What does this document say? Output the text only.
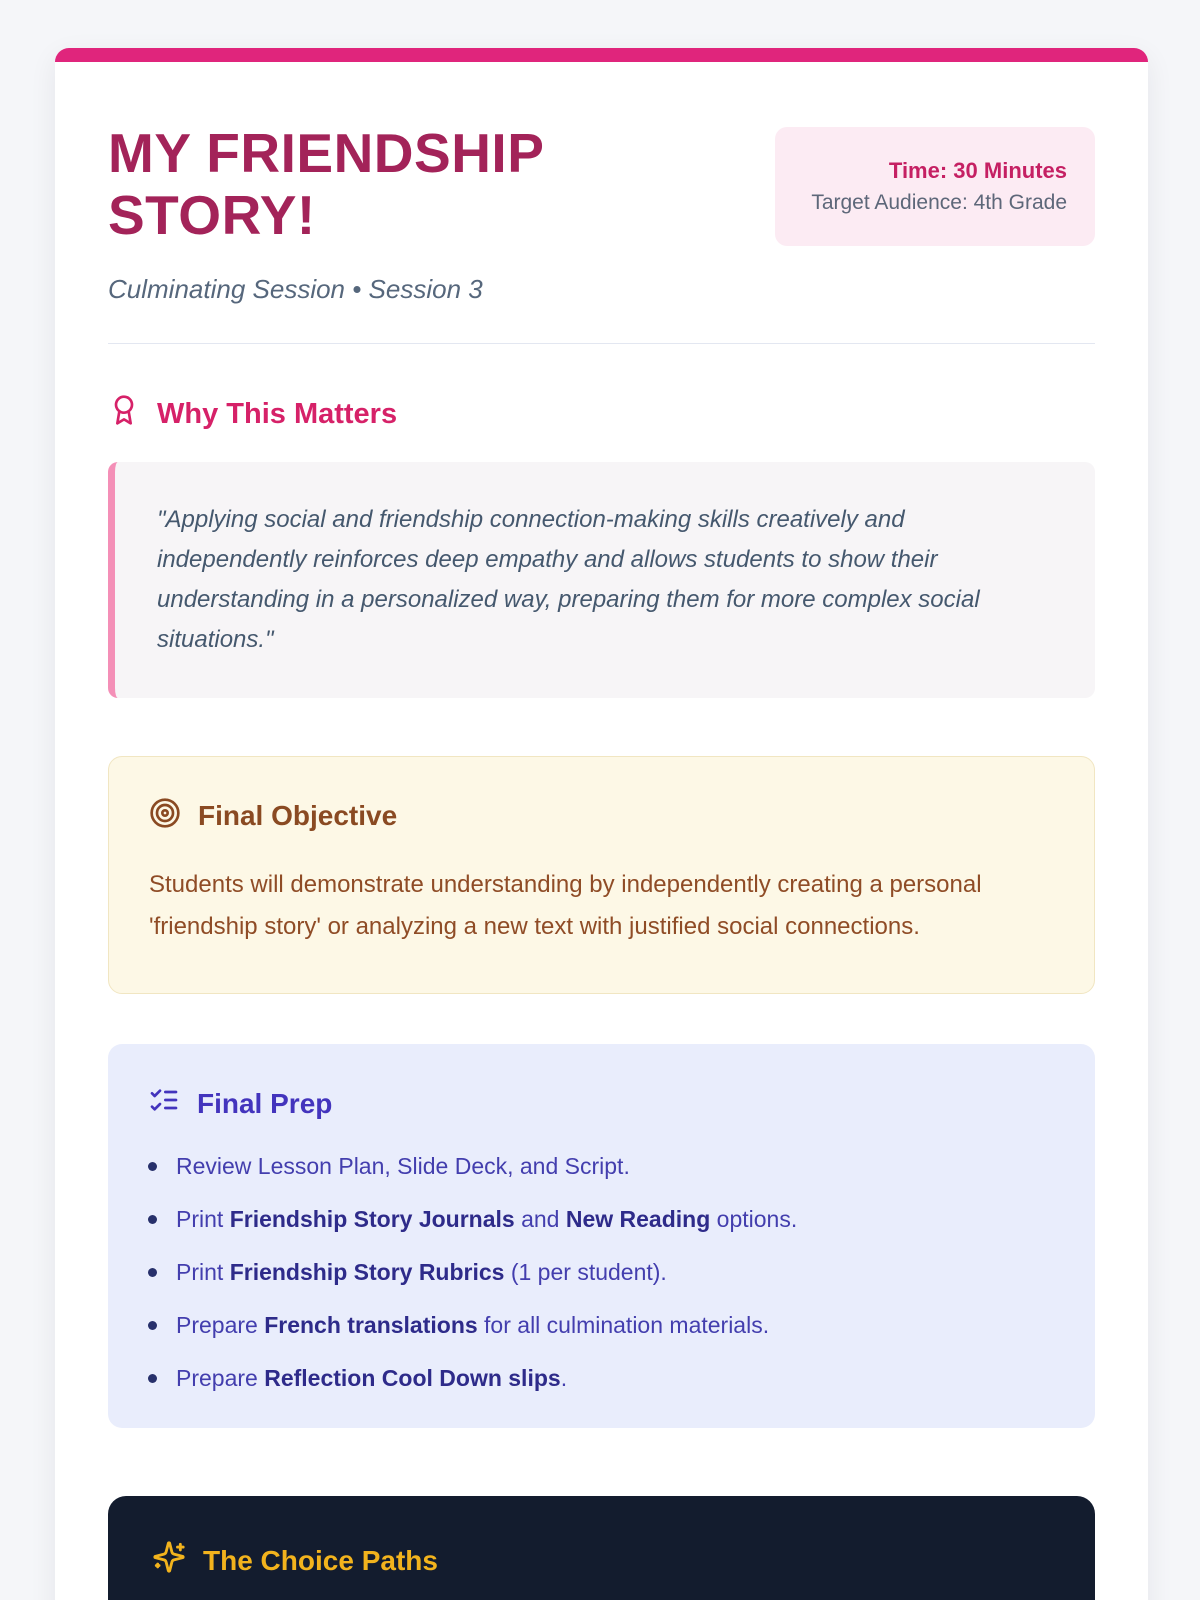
MY FRIENDSHIP STORY!
Time: 30 Minutes
Target Audience: 4th Grade
Culminating Session • Session 3
Why This Matters
"Applying social and friendship connection-making skills creatively and independently reinforces deep empathy and allows students to show their understanding in a personalized way, preparing them for more complex social situations."
Final Objective
Students will demonstrate understanding by independently creating a personal 'friendship story' or analyzing a new text with justified social connections.
Final Prep
Review Lesson Plan, Slide Deck, and Script.
Print Friendship Story Journals and New Reading options.
Print Friendship Story Rubrics (1 per student).
Prepare French translations for all culmination materials.
Prepare Reflection Cool Down slips.
The Choice Paths
